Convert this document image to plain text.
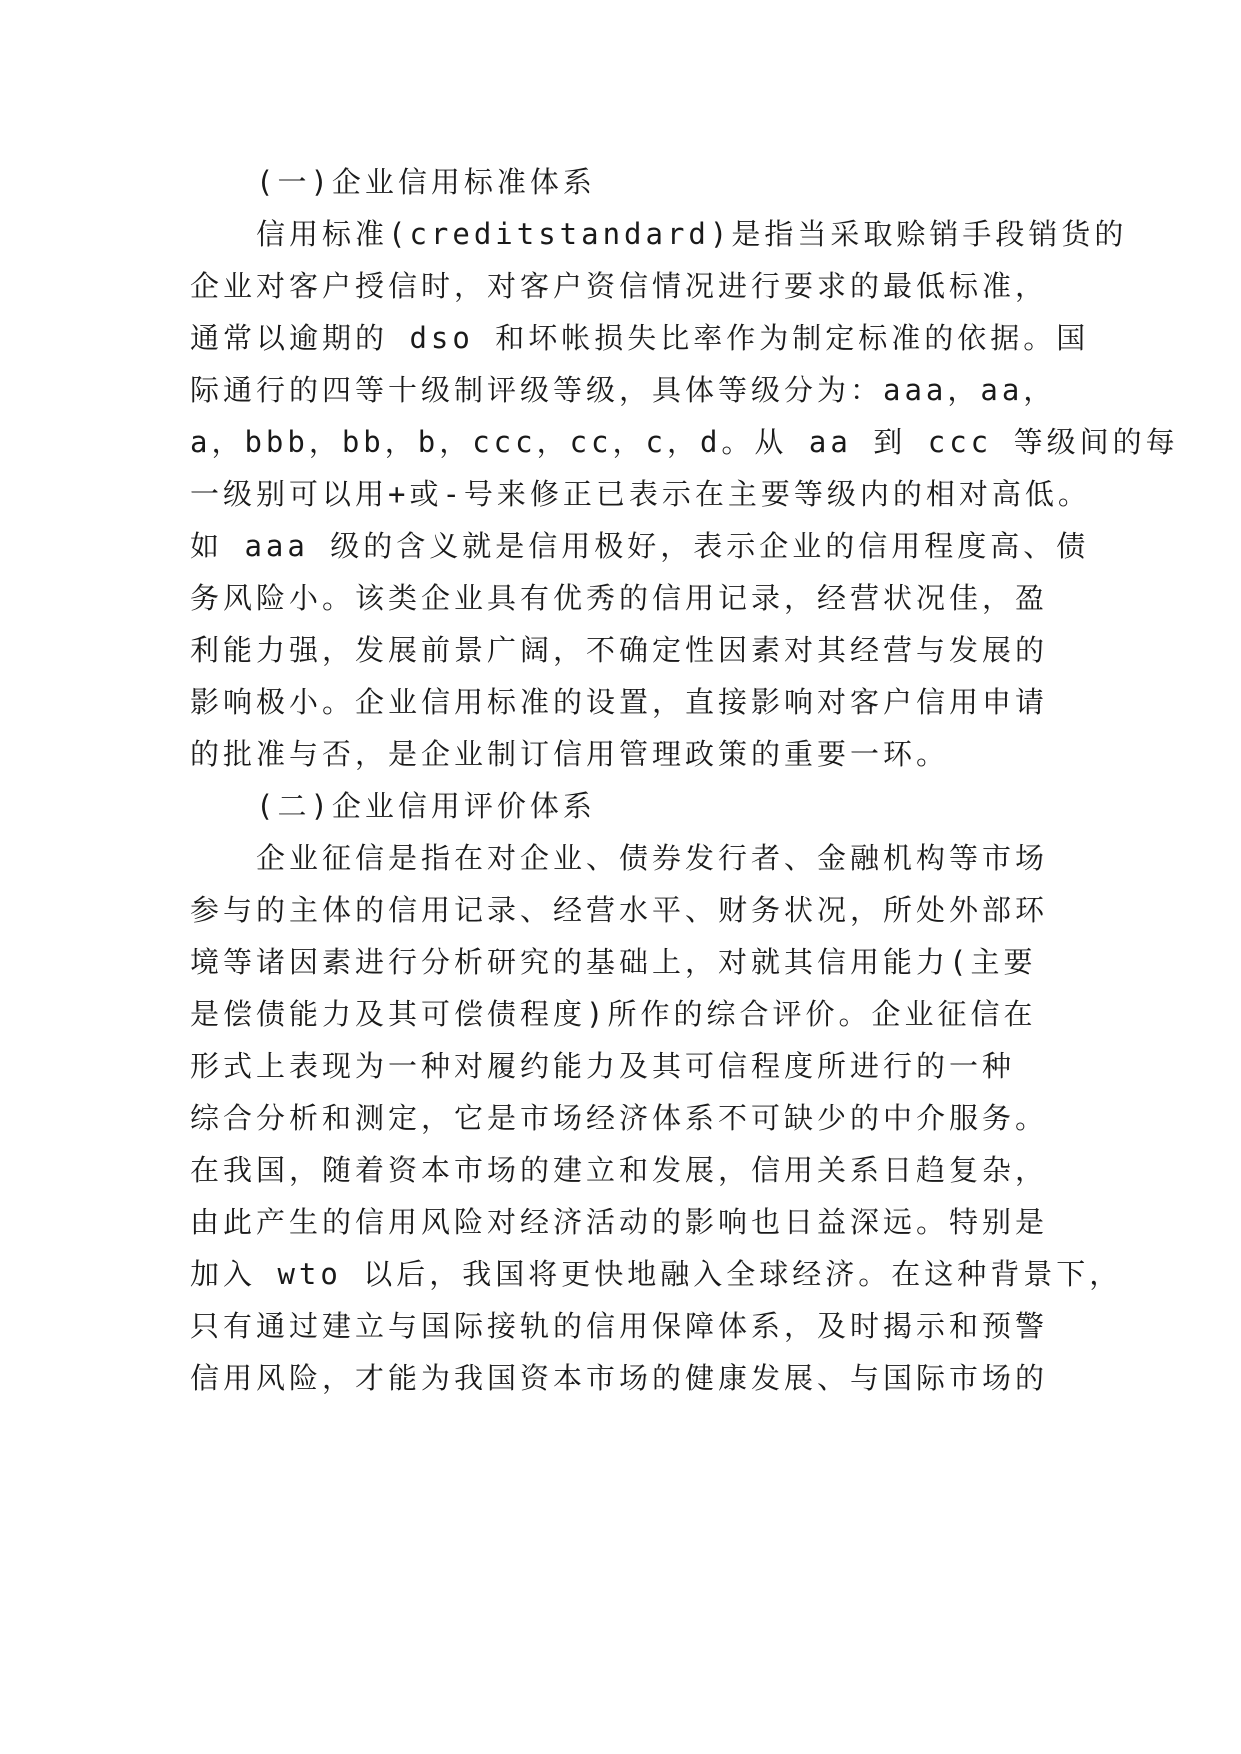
(一)企业信用标准体系
信用标准(creditstandard)是指当采取赊销手段销货的
企业对客户授信时，对客户资信情况进行要求的最低标准，
通常以逾期的 dso 和坏帐损失比率作为制定标准的依据。国
际通行的四等十级制评级等级，具体等级分为：aaa，aa，
a，bbb，bb，b，ccc，cc，c，d。从 aa 到 ccc 等级间的每
一级别可以用+或-号来修正已表示在主要等级内的相对高低。
如 aaa 级的含义就是信用极好，表示企业的信用程度高、债
务风险小。该类企业具有优秀的信用记录，经营状况佳，盈
利能力强，发展前景广阔，不确定性因素对其经营与发展的
影响极小。企业信用标准的设置，直接影响对客户信用申请
的批准与否，是企业制订信用管理政策的重要一环。
(二)企业信用评价体系
企业征信是指在对企业、债券发行者、金融机构等市场
参与的主体的信用记录、经营水平、财务状况，所处外部环
境等诸因素进行分析研究的基础上，对就其信用能力(主要
是偿债能力及其可偿债程度)所作的综合评价。企业征信在
形式上表现为一种对履约能力及其可信程度所进行的一种
综合分析和测定，它是市场经济体系不可缺少的中介服务。
在我国，随着资本市场的建立和发展，信用关系日趋复杂，
由此产生的信用风险对经济活动的影响也日益深远。特别是
加入 wto 以后，我国将更快地融入全球经济。在这种背景下，
只有通过建立与国际接轨的信用保障体系，及时揭示和预警
信用风险，才能为我国资本市场的健康发展、与国际市场的
